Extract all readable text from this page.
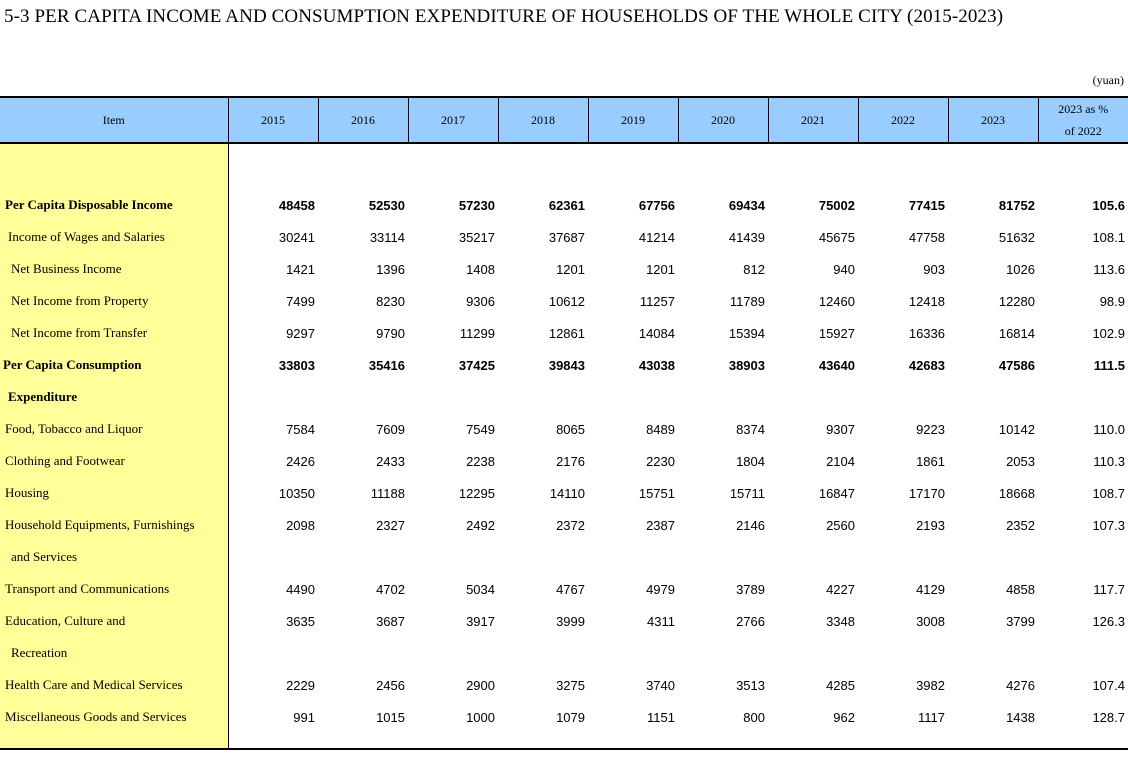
5-3 PER CAPITA INCOME AND CONSUMPTION EXPENDITURE OF HOUSEHOLDS OF THE WHOLE CITY (2015-2023)
(yuan)
Item	2015	2016	2017	2018	2019	2020	2021	2022	2023	2023 as %
of 2022

Per Capita Disposable Income	48458	52530	57230	62361	67756	69434	75002	77415	81752	105.6
Income of Wages and Salaries	30241	33114	35217	37687	41214	41439	45675	47758	51632	108.1
Net Business Income	1421	1396	1408	1201	1201	812	940	903	1026	113.6
Net Income from Property	7499	8230	9306	10612	11257	11789	12460	12418	12280	98.9
Net Income from Transfer	9297	9790	11299	12861	14084	15394	15927	16336	16814	102.9
Per Capita Consumption	33803	35416	37425	39843	43038	38903	43640	42683	47586	111.5
Expenditure										
Food, Tobacco and Liquor	7584	7609	7549	8065	8489	8374	9307	9223	10142	110.0
Clothing and Footwear	2426	2433	2238	2176	2230	1804	2104	1861	2053	110.3
Housing	10350	11188	12295	14110	15751	15711	16847	17170	18668	108.7
Household Equipments, Furnishings	2098	2327	2492	2372	2387	2146	2560	2193	2352	107.3
and Services										
Transport and Communications	4490	4702	5034	4767	4979	3789	4227	4129	4858	117.7
Education, Culture and	3635	3687	3917	3999	4311	2766	3348	3008	3799	126.3
Recreation										
Health Care and Medical Services	2229	2456	2900	3275	3740	3513	4285	3982	4276	107.4
Miscellaneous Goods and Services	991	1015	1000	1079	1151	800	962	1117	1438	128.7
